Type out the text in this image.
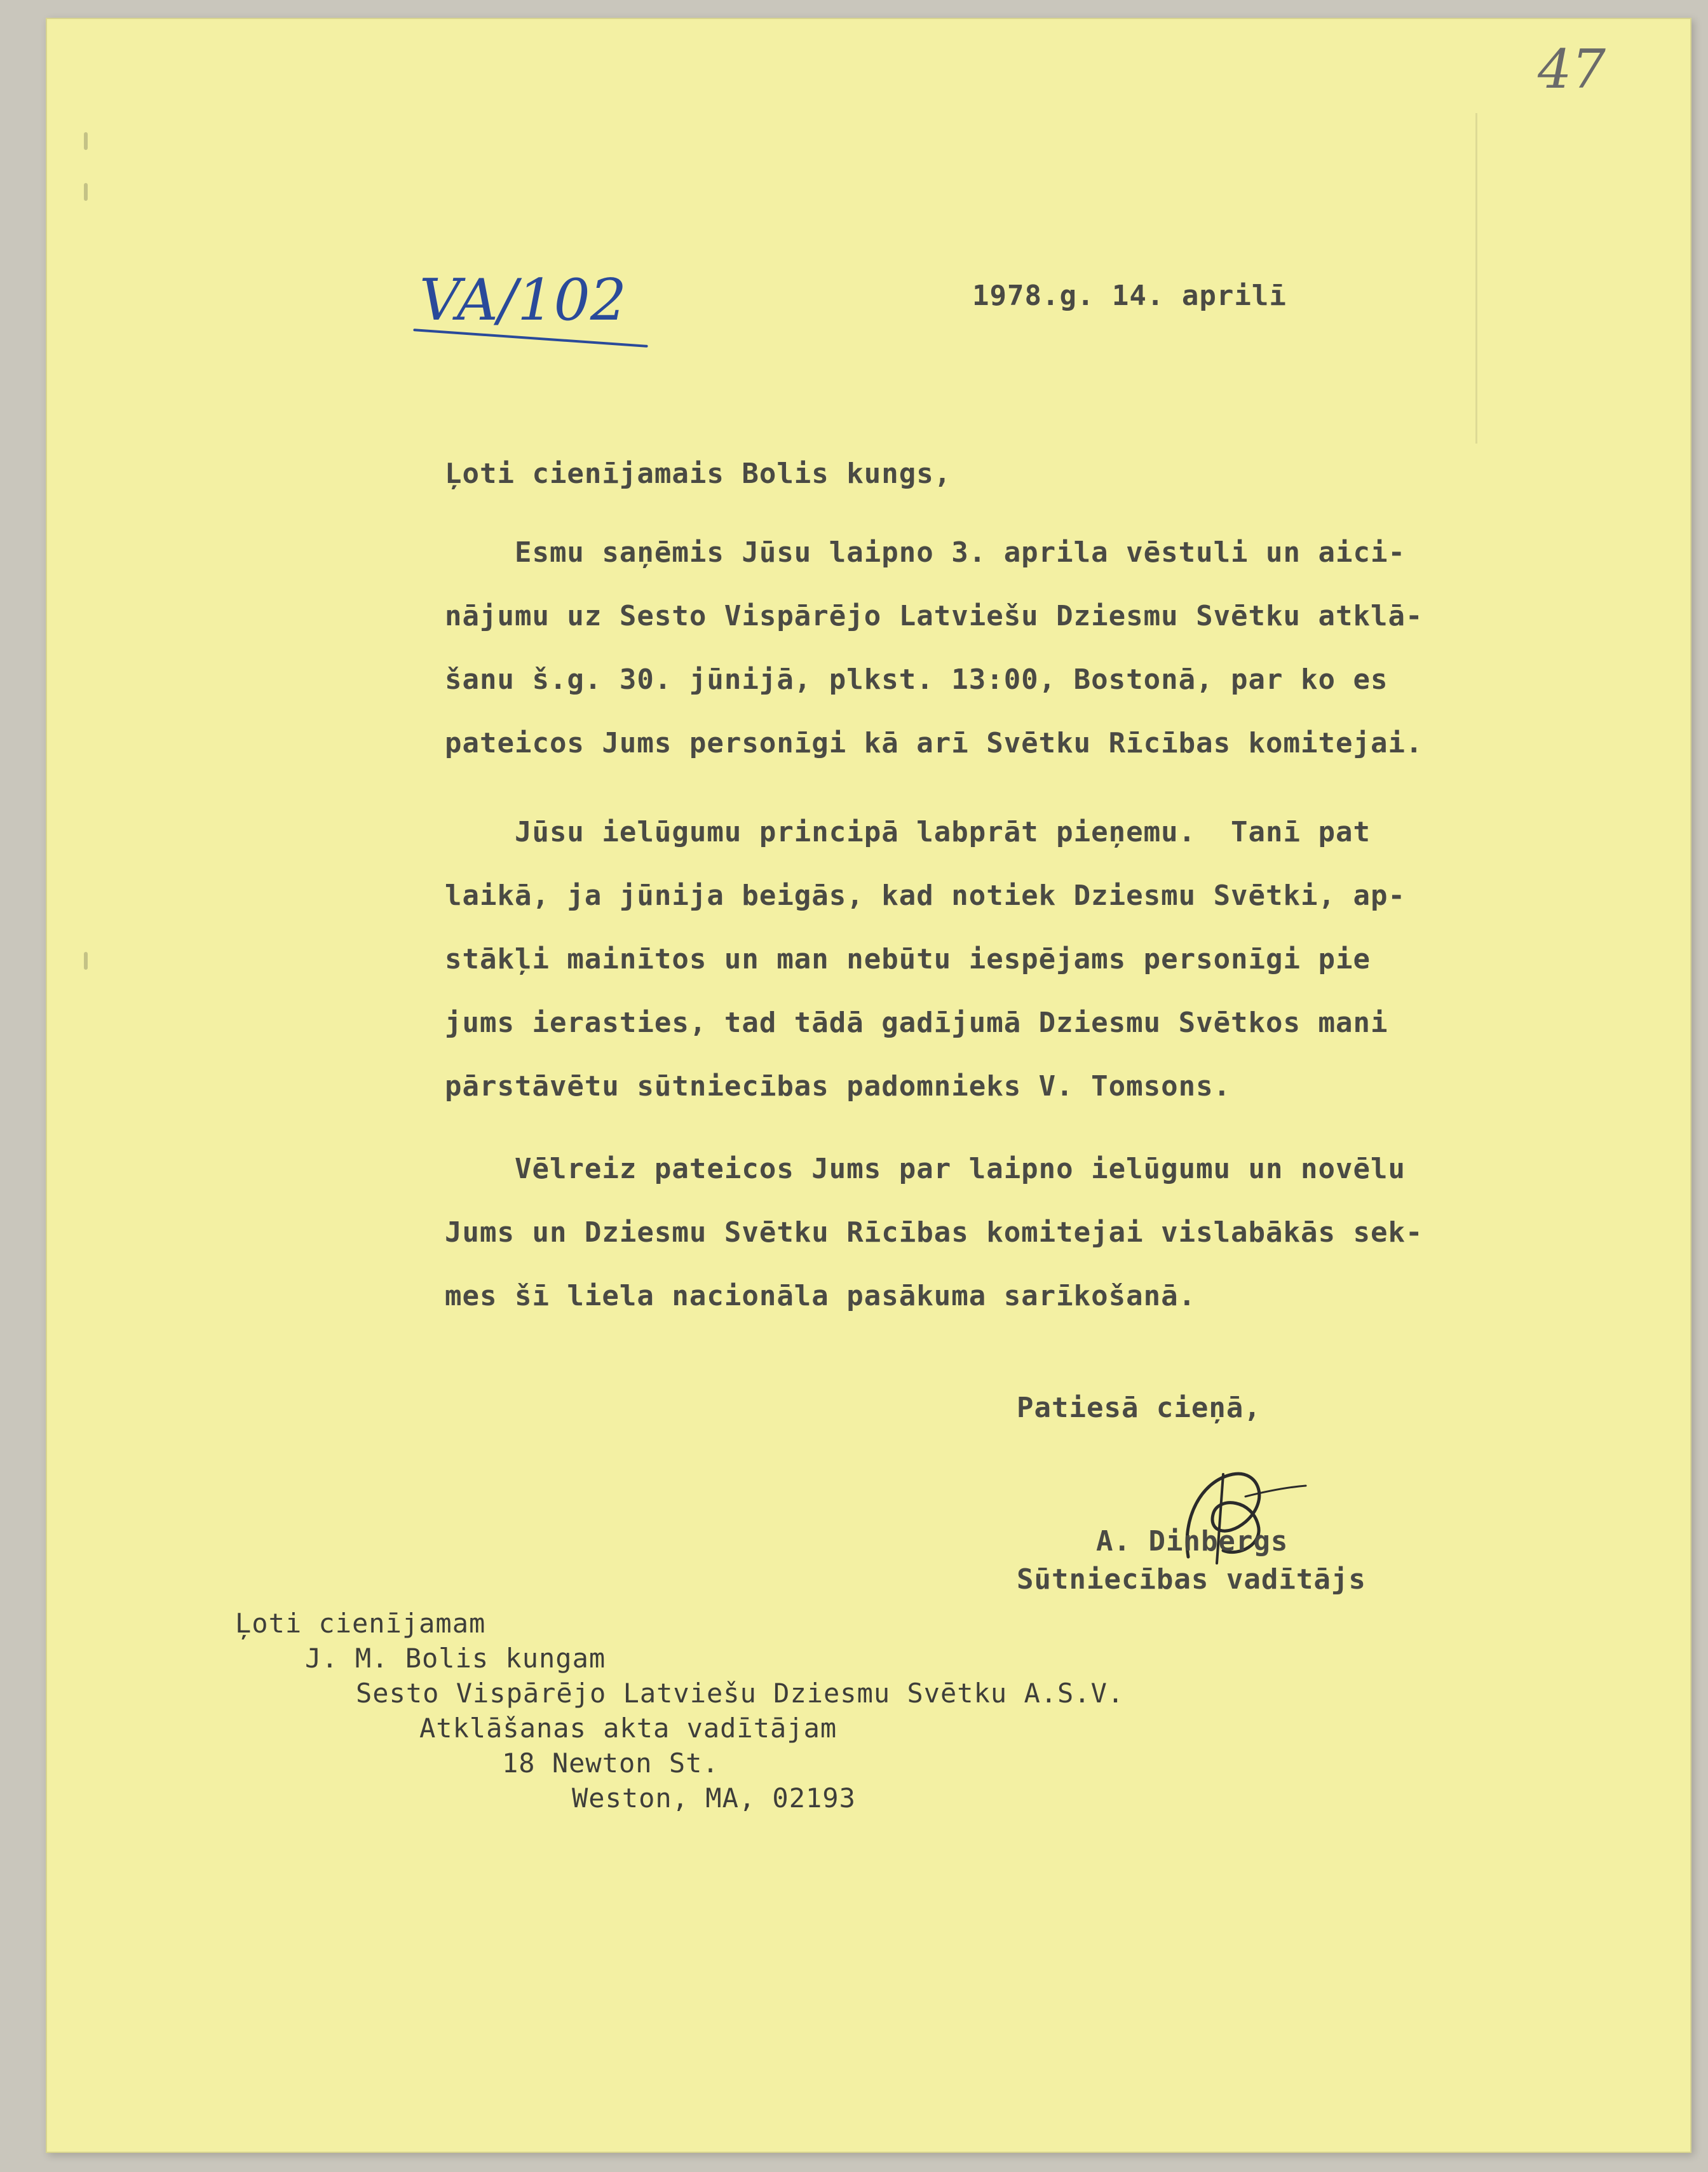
47
VA/102	1978.g. 14. aprilī
Ļoti cienījamais Bolis kungs,
Esmu saņēmis Jūsu laipno 3. aprila vēstuli un aici-
nājumu uz Sesto Vispārējo Latviešu Dziesmu Svētku atklā-
šanu š.g. 30. jūnijā, plkst. 13:00, Bostonā, par ko es
pateicos Jums personīgi kā arī Svētku Rīcības komitejai.
Jūsu ielūgumu principā labprāt pieņemu.  Tanī pat
laikā, ja jūnija beigās, kad notiek Dziesmu Svētki, ap-
stākļi mainītos un man nebūtu iespējams personīgi pie
jums ierasties, tad tādā gadījumā Dziesmu Svētkos mani
pārstāvētu sūtniecības padomnieks V. Tomsons.
Vēlreiz pateicos Jums par laipno ielūgumu un novēlu
Jums un Dziesmu Svētku Rīcības komitejai vislabākās sek-
mes šī liela nacionāla pasākuma sarīkošanā.
Patiesā cieņā,
A. Dinbergs
Sūtniecības vadītājs
Ļoti cienījamam
J. M. Bolis kungam
Sesto Vispārējo Latviešu Dziesmu Svētku A.S.V.
Atklāšanas akta vadītājam
18 Newton St.
Weston, MA, 02193
